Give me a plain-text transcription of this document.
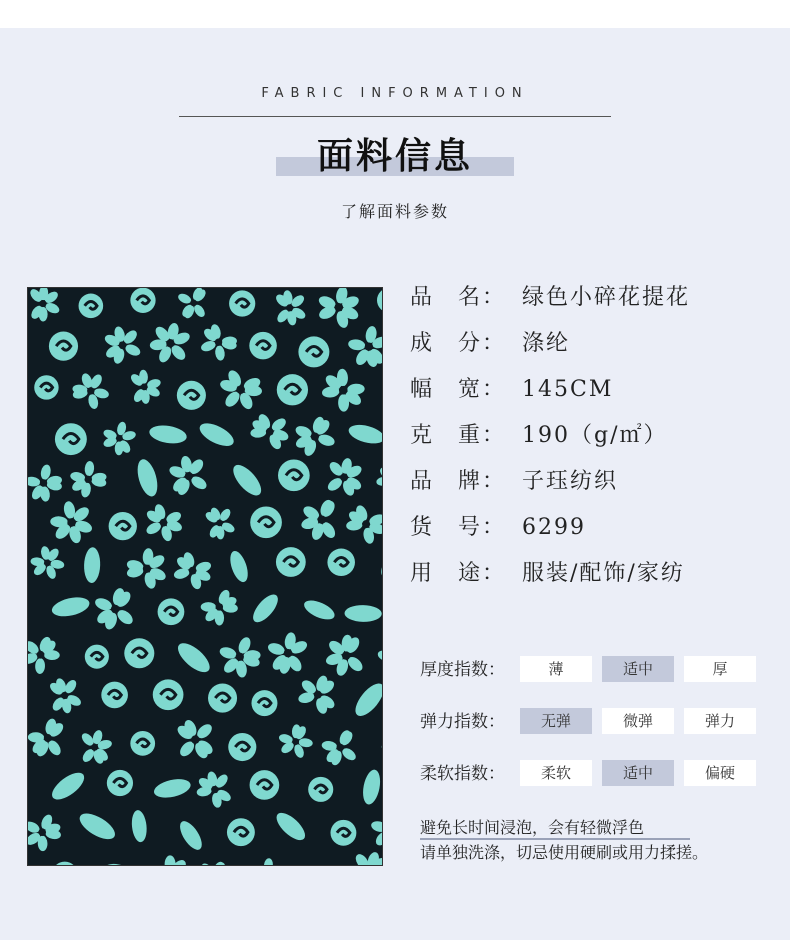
FABRIC INFORMATION
面料信息
了解面料参数
品　名： 绿色小碎花提花
成　分： 涤纶
幅　宽： 145CM
克　重： 190（g/㎡）
品　牌： 子珏纺织
货　号： 6299
用　途： 服装/配饰/家纺
厚度指数：	薄	适中	厚
弹力指数：	无弹	微弹	弹力
柔软指数：	柔软	适中	偏硬
避免长时间浸泡，会有轻微浮色
请单独洗涤，切忌使用硬刷或用力揉搓。
